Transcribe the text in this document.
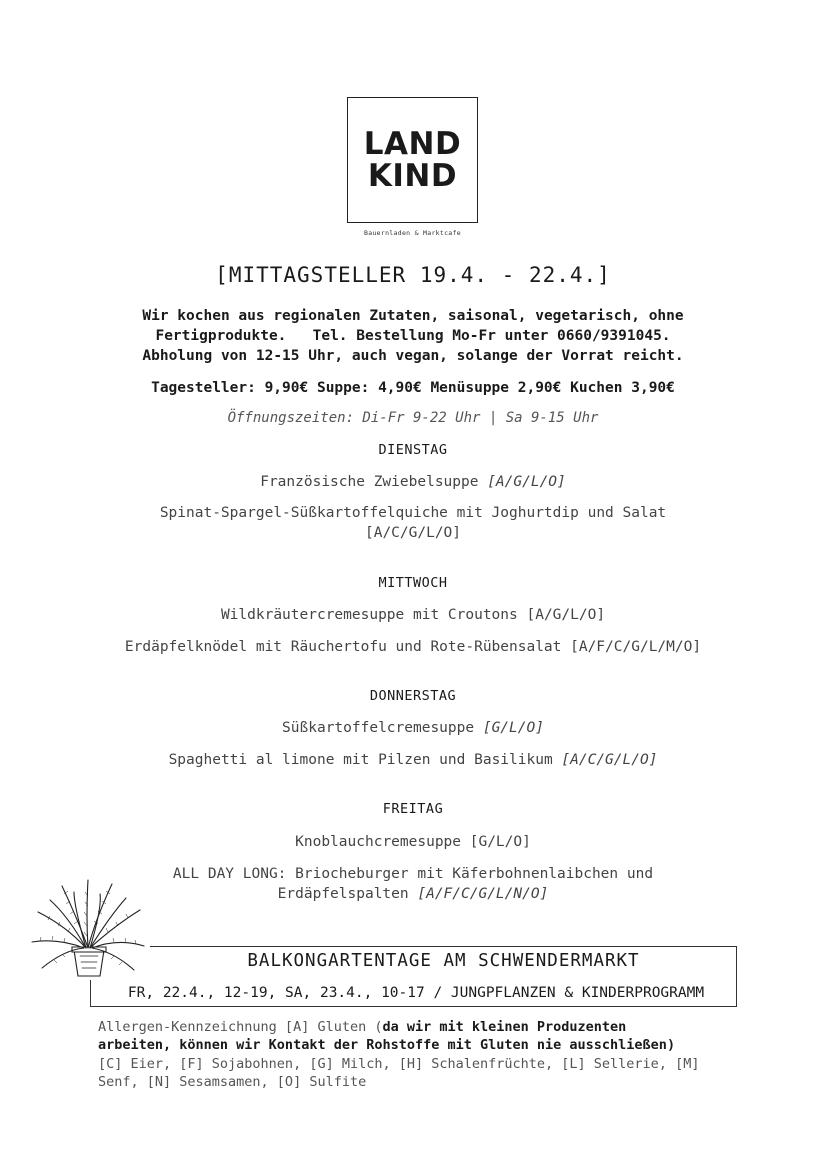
LAND
KIND
Bauernladen & Marktcafe
[MITTAGSTELLER 19.4. - 22.4.]
Wir kochen aus regionalen Zutaten, saisonal, vegetarisch, ohne
Fertigprodukte.   Tel. Bestellung Mo-Fr unter 0660/9391045.
Abholung von 12-15 Uhr, auch vegan, solange der Vorrat reicht.
Tagesteller: 9,90€ Suppe: 4,90€ Menüsuppe 2,90€ Kuchen 3,90€
Öffnungszeiten: Di-Fr 9-22 Uhr | Sa 9-15 Uhr
DIENSTAG
Französische Zwiebelsuppe [A/G/L/O]
Spinat-Spargel-Süßkartoffelquiche mit Joghurtdip und Salat
[A/C/G/L/O]
MITTWOCH
Wildkräutercremesuppe mit Croutons [A/G/L/O]
Erdäpfelknödel mit Räuchertofu und Rote-Rübensalat [A/F/C/G/L/M/O]
DONNERSTAG
Süßkartoffelcremesuppe [G/L/O]
Spaghetti al limone mit Pilzen und Basilikum [A/C/G/L/O]
FREITAG
Knoblauchcremesuppe [G/L/O]
ALL DAY LONG: Briocheburger mit Käferbohnenlaibchen und
Erdäpfelspalten [A/F/C/G/L/N/O]
BALKONGARTENTAGE AM SCHWENDERMARKT
FR, 22.4., 12-19, SA, 23.4., 10-17 / JUNGPFLANZEN & KINDERPROGRAMM
Allergen-Kennzeichnung [A] Gluten (da wir mit kleinen Produzenten
arbeiten, können wir Kontakt der Rohstoffe mit Gluten nie ausschließen)
[C] Eier, [F] Sojabohnen, [G] Milch, [H] Schalenfrüchte, [L] Sellerie, [M]
Senf, [N] Sesamsamen, [O] Sulfite
